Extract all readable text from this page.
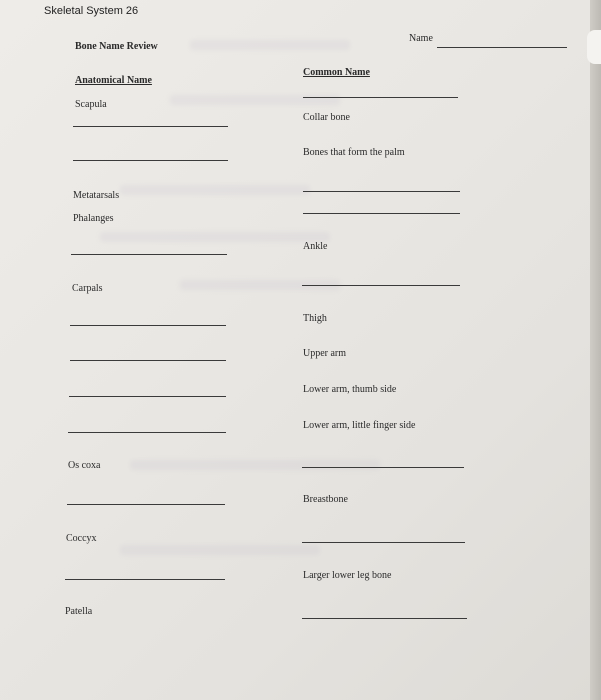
Skeletal System 26
Name
Bone Name Review
Anatomical Name
Common Name
Scapula
Collar bone
Bones that form the palm
Metatarsals
Phalanges
Ankle
Carpals
Thigh
Upper arm
Lower arm, thumb side
Lower arm, little finger side
Os coxa
Breastbone
Coccyx
Larger lower leg bone
Patella
